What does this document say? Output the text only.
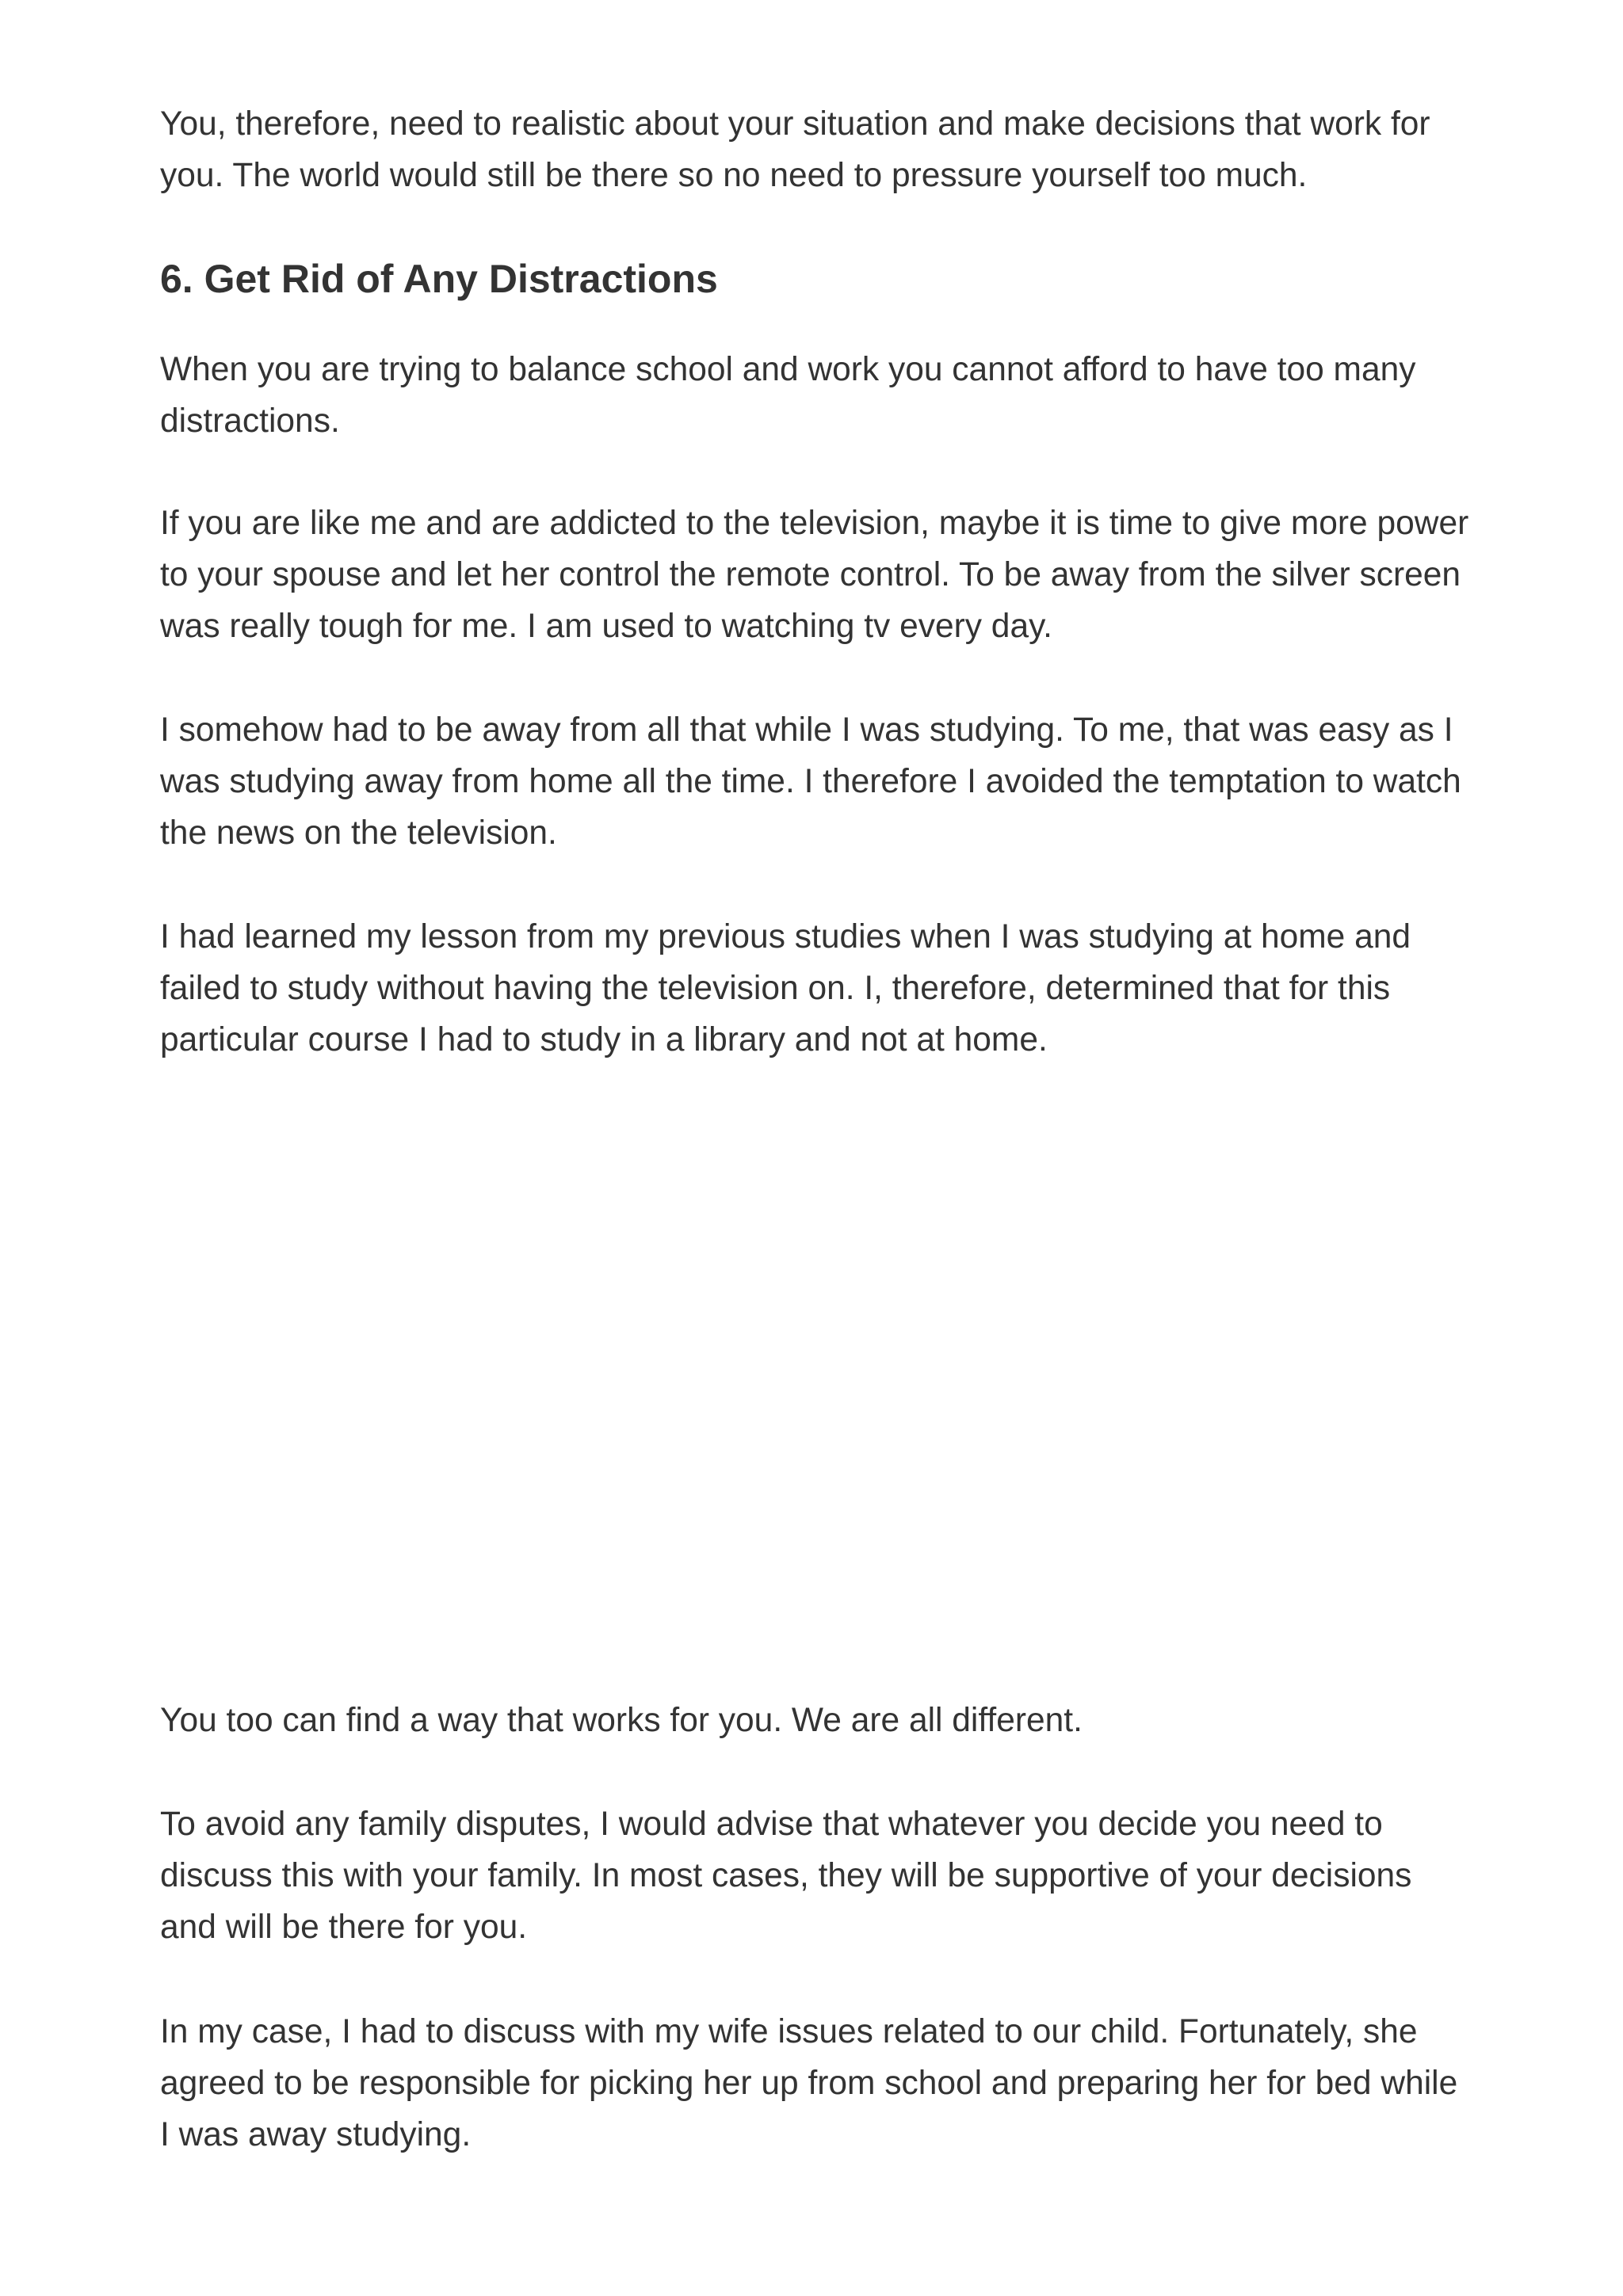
You, therefore, need to realistic about your situation and make decisions that work for you. The world would still be there so no need to pressure yourself too much.

6. Get Rid of Any Distractions

When you are trying to balance school and work you cannot afford to have too many distractions.

If you are like me and are addicted to the television, maybe it is time to give more power to your spouse and let her control the remote control. To be away from the silver screen was really tough for me. I am used to watching tv every day.

I somehow had to be away from all that while I was studying. To me, that was easy as I was studying away from home all the time. I therefore I avoided the temptation to watch the news on the television.

I had learned my lesson from my previous studies when I was studying at home and failed to study without having the television on. I, therefore, determined that for this particular course I had to study in a library and not at home.

You too can find a way that works for you. We are all different.

To avoid any family disputes, I would advise that whatever you decide you need to discuss this with your family. In most cases, they will be supportive of your decisions and will be there for you.

In my case, I had to discuss with my wife issues related to our child. Fortunately, she agreed to be responsible for picking her up from school and preparing her for bed while I was away studying.
